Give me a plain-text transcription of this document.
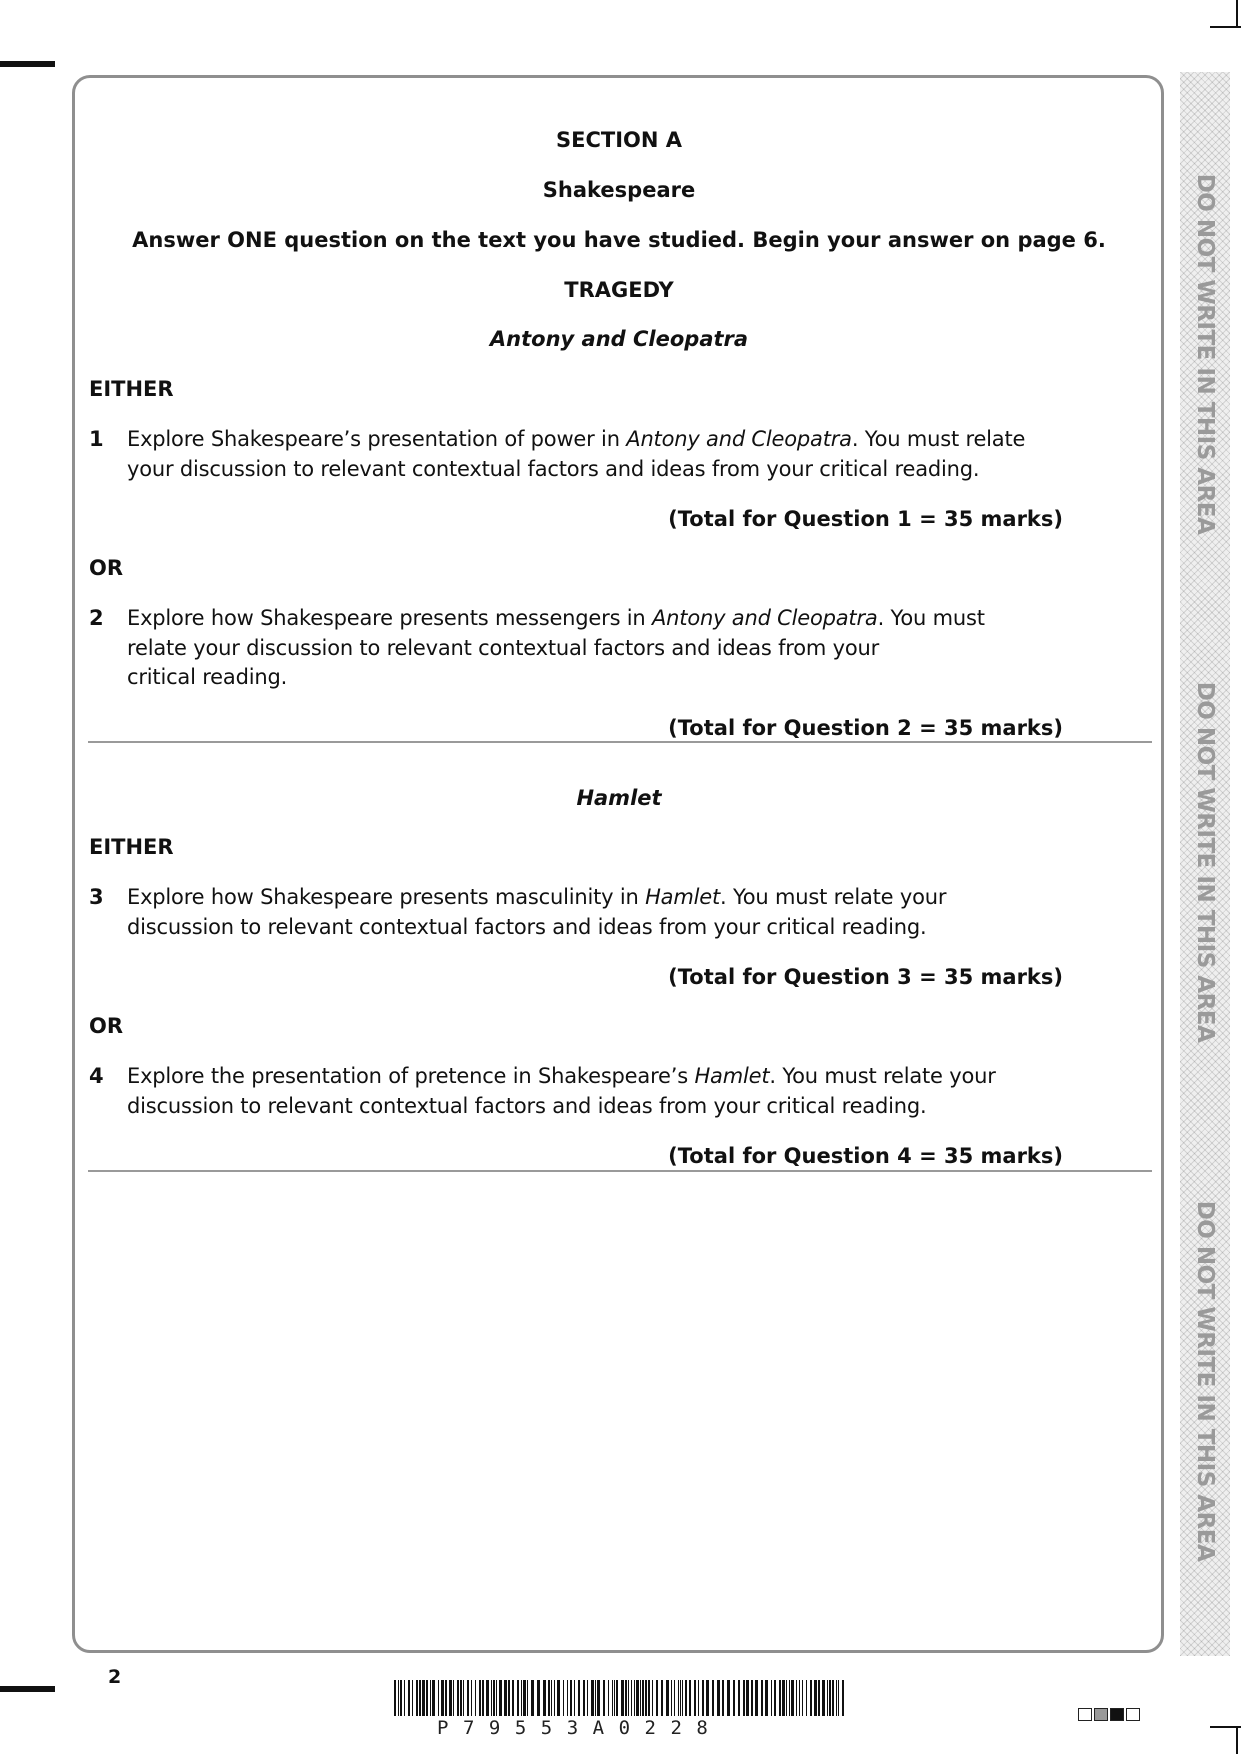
DO NOT WRITE IN THIS AREA
DO NOT WRITE IN THIS AREA
DO NOT WRITE IN THIS AREA
SECTION A
Shakespeare
Answer ONE question on the text you have studied. Begin your answer on page 6.
TRAGEDY
Antony and Cleopatra
EITHER
1 Explore Shakespeare’s presentation of power in Antony and Cleopatra. You must relate
your discussion to relevant contextual factors and ideas from your critical reading.
(Total for Question 1 = 35 marks)
OR
2 Explore how Shakespeare presents messengers in Antony and Cleopatra. You must
relate your discussion to relevant contextual factors and ideas from your
critical reading.
(Total for Question 2 = 35 marks)
Hamlet
EITHER
3 Explore how Shakespeare presents masculinity in Hamlet. You must relate your
discussion to relevant contextual factors and ideas from your critical reading.
(Total for Question 3 = 35 marks)
OR
4 Explore the presentation of pretence in Shakespeare’s Hamlet. You must relate your
discussion to relevant contextual factors and ideas from your critical reading.
(Total for Question 4 = 35 marks)
2
P79553A0228
